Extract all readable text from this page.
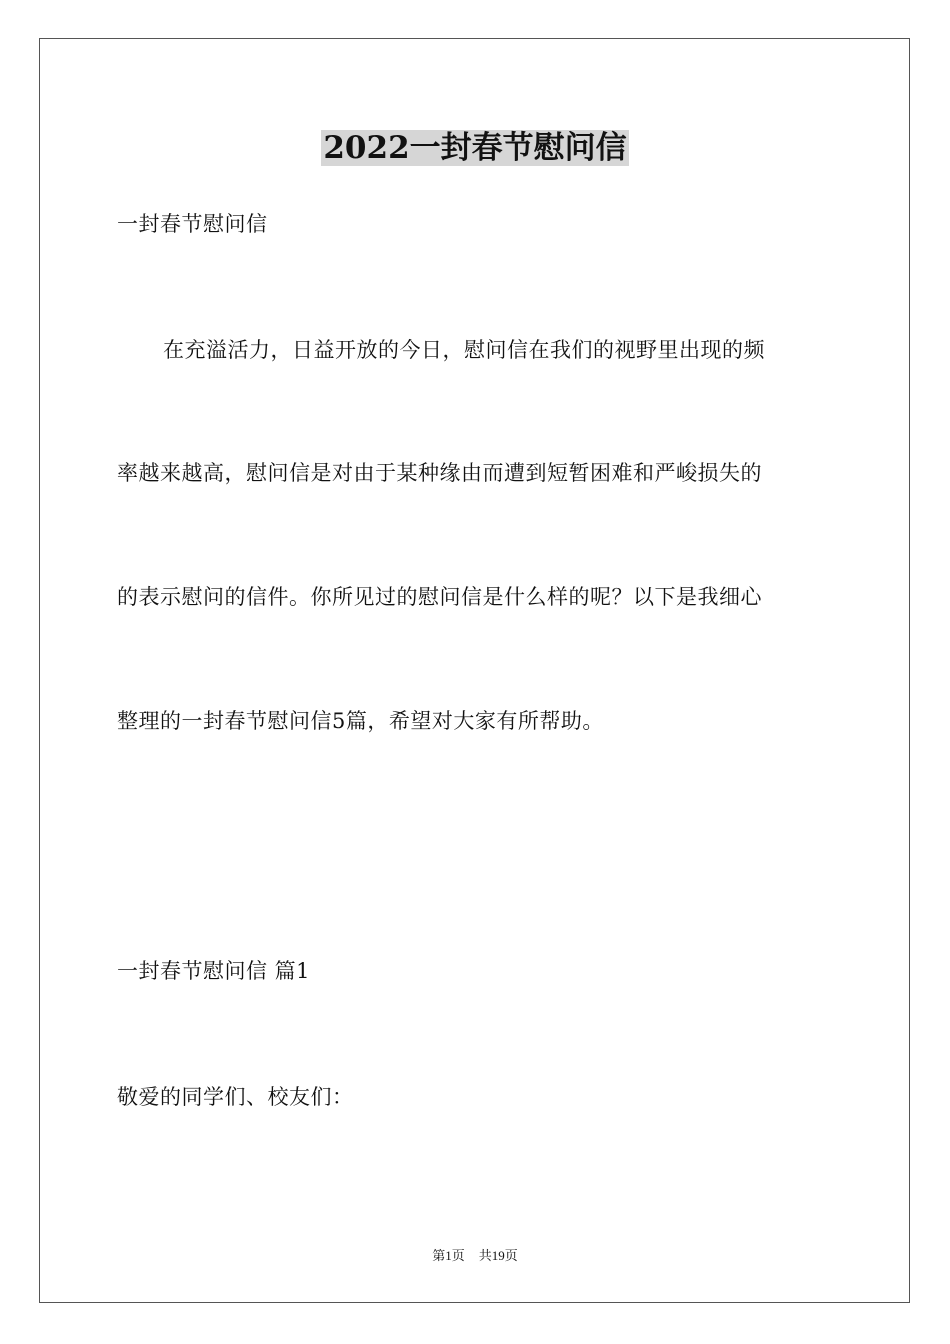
2022一封春节慰问信
一封春节慰问信
在充溢活力，日益开放的今日，慰问信在我们的视野里出现的频
率越来越高，慰问信是对由于某种缘由而遭到短暂困难和严峻损失的
的表示慰问的信件。你所见过的慰问信是什么样的呢？以下是我细心
整理的一封春节慰问信5篇，希望对大家有所帮助。
一封春节慰问信 篇1
敬爱的同学们、校友们：
第1页 共19页
